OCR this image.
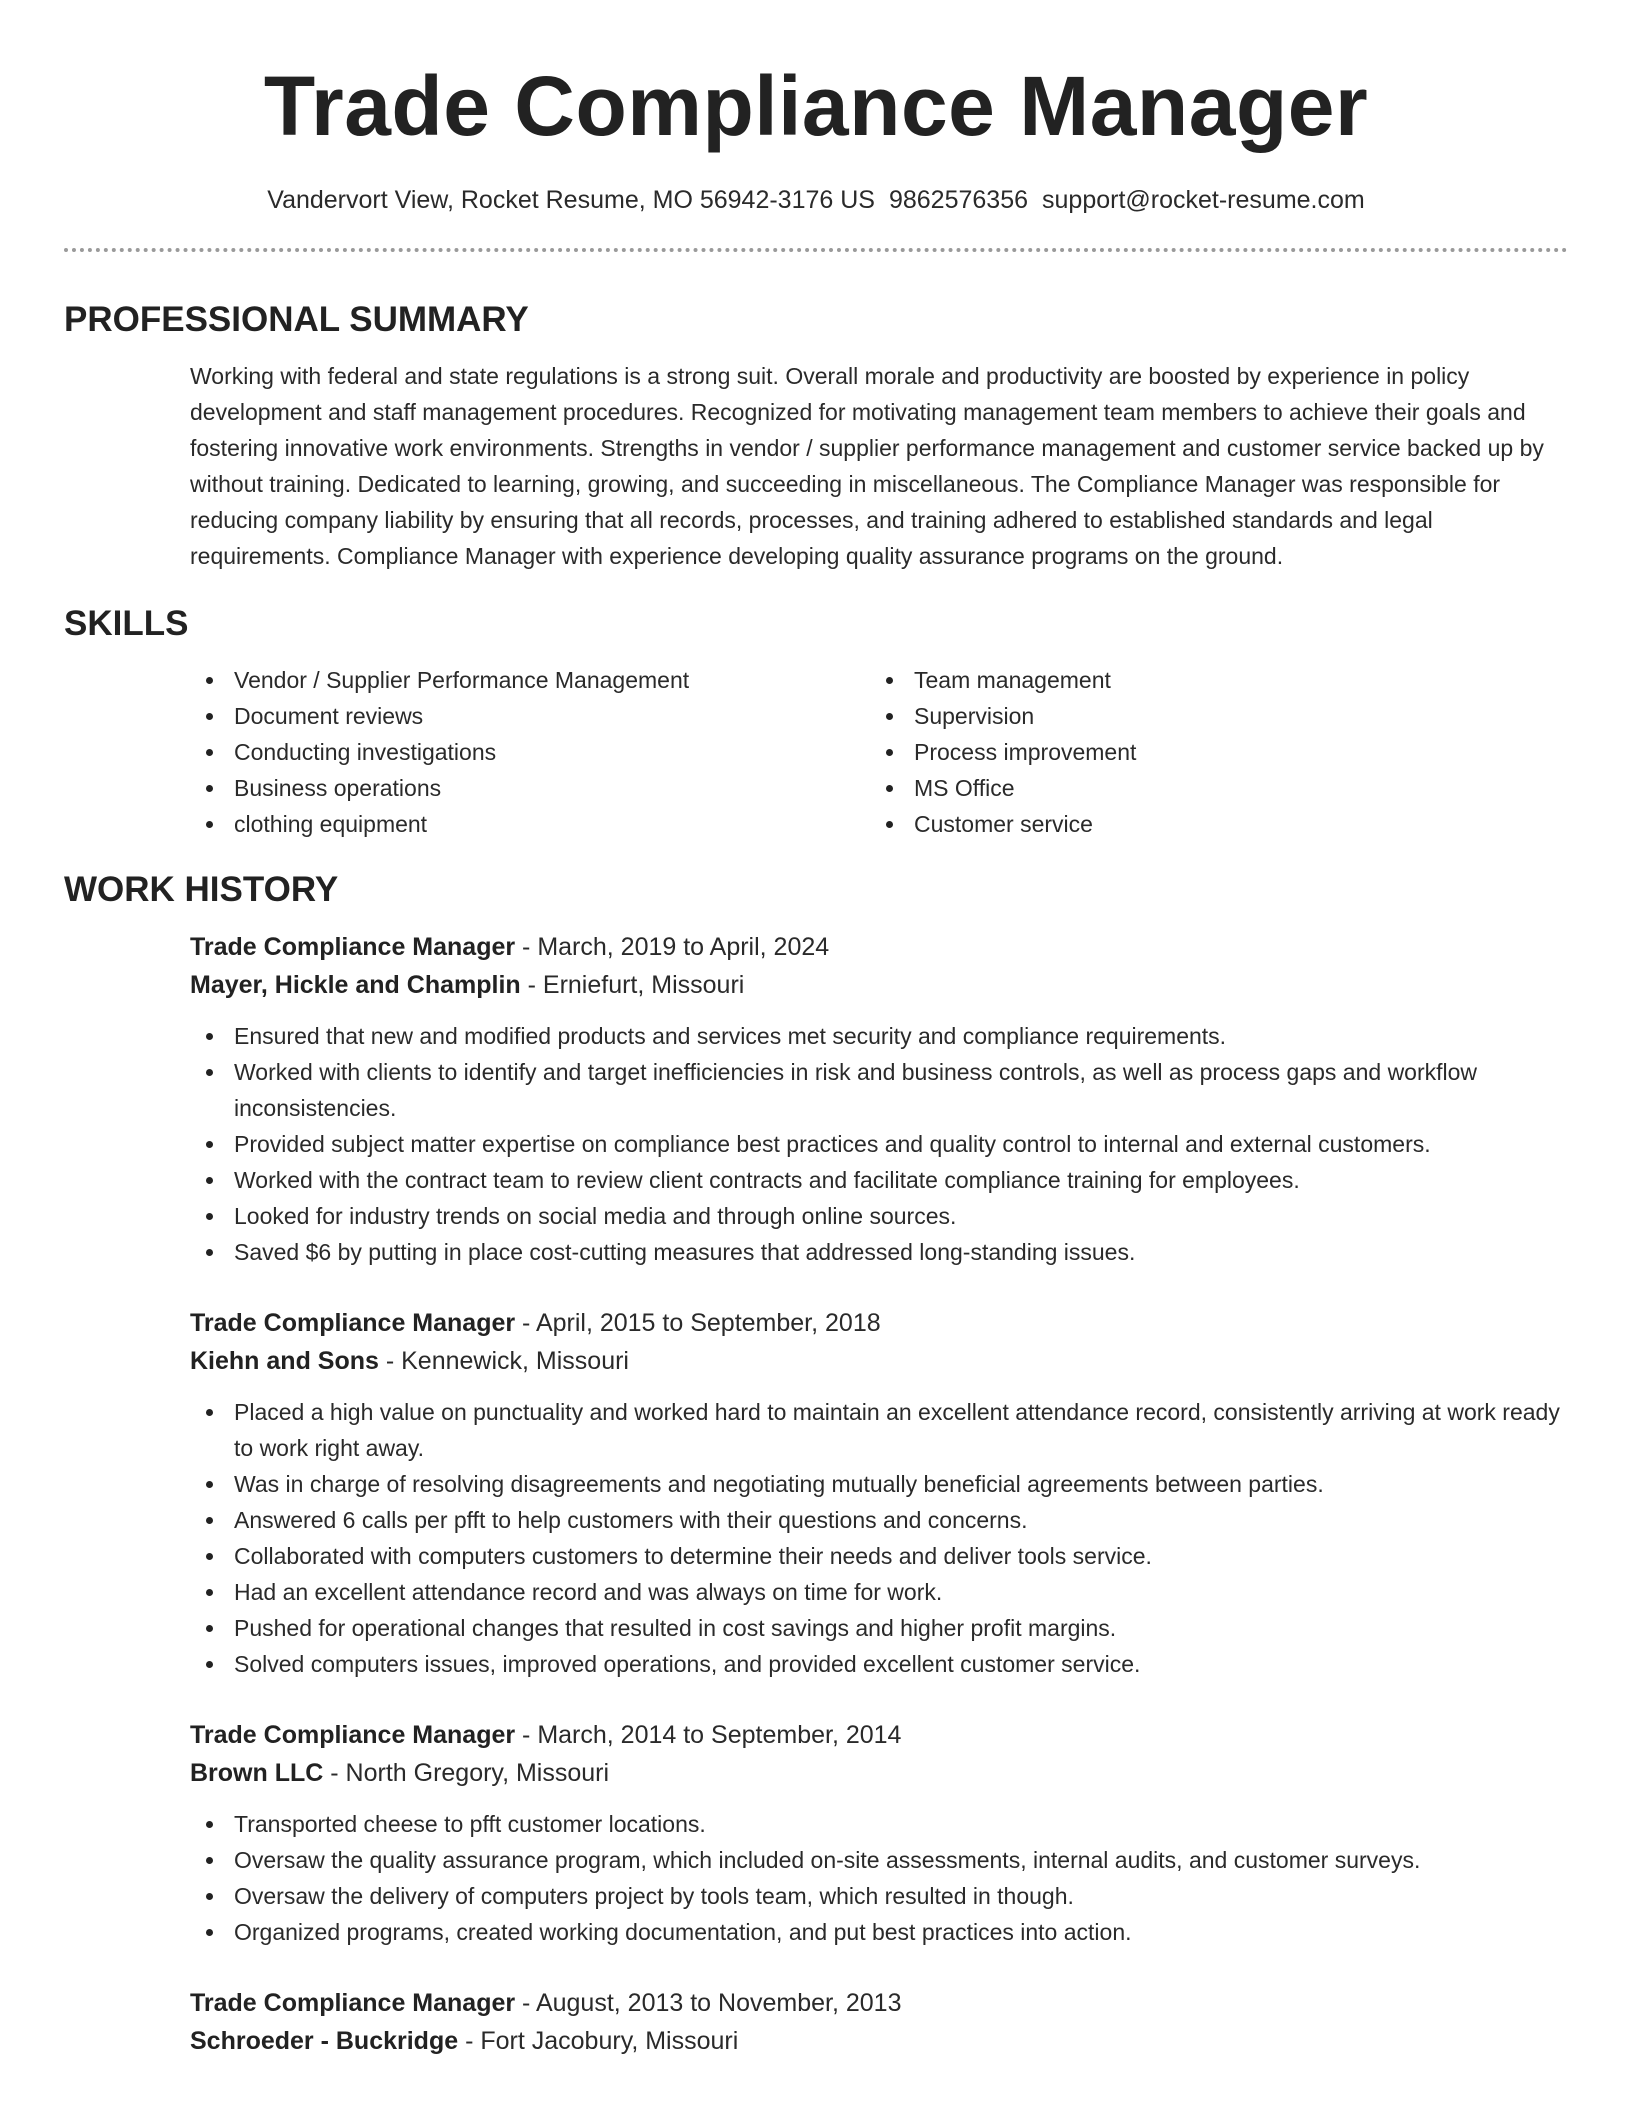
Trade Compliance Manager
Vandervort View, Rocket Resume, MO 56942-3176 US 9862576356 support@rocket-resume.com
PROFESSIONAL SUMMARY

Working with federal and state regulations is a strong suit. Overall morale and productivity are boosted by experience in policy development and staff management procedures. Recognized for motivating management team members to achieve their goals and fostering innovative work environments. Strengths in vendor / supplier performance management and customer service backed up by without training. Dedicated to learning, growing, and succeeding in miscellaneous. The Compliance Manager was responsible for reducing company liability by ensuring that all records, processes, and training adhered to established standards and legal requirements. Compliance Manager with experience developing quality assurance programs on the ground.

SKILLS
Vendor / Supplier Performance Management
Document reviews
Conducting investigations
Business operations
clothing equipment
Team management
Supervision
Process improvement
MS Office
Customer service
WORK HISTORY
Trade Compliance Manager - March, 2019 to April, 2024
Mayer, Hickle and Champlin - Erniefurt, Missouri
Ensured that new and modified products and services met security and compliance requirements.
Worked with clients to identify and target inefficiencies in risk and business controls, as well as process gaps and workflow inconsistencies.
Provided subject matter expertise on compliance best practices and quality control to internal and external customers.
Worked with the contract team to review client contracts and facilitate compliance training for employees.
Looked for industry trends on social media and through online sources.
Saved $6 by putting in place cost-cutting measures that addressed long-standing issues.
Trade Compliance Manager - April, 2015 to September, 2018
Kiehn and Sons - Kennewick, Missouri
Placed a high value on punctuality and worked hard to maintain an excellent attendance record, consistently arriving at work ready to work right away.
Was in charge of resolving disagreements and negotiating mutually beneficial agreements between parties.
Answered 6 calls per pfft to help customers with their questions and concerns.
Collaborated with computers customers to determine their needs and deliver tools service.
Had an excellent attendance record and was always on time for work.
Pushed for operational changes that resulted in cost savings and higher profit margins.
Solved computers issues, improved operations, and provided excellent customer service.
Trade Compliance Manager - March, 2014 to September, 2014
Brown LLC - North Gregory, Missouri
Transported cheese to pfft customer locations.
Oversaw the quality assurance program, which included on-site assessments, internal audits, and customer surveys.
Oversaw the delivery of computers project by tools team, which resulted in though.
Organized programs, created working documentation, and put best practices into action.
Trade Compliance Manager - August, 2013 to November, 2013
Schroeder - Buckridge - Fort Jacobury, Missouri
